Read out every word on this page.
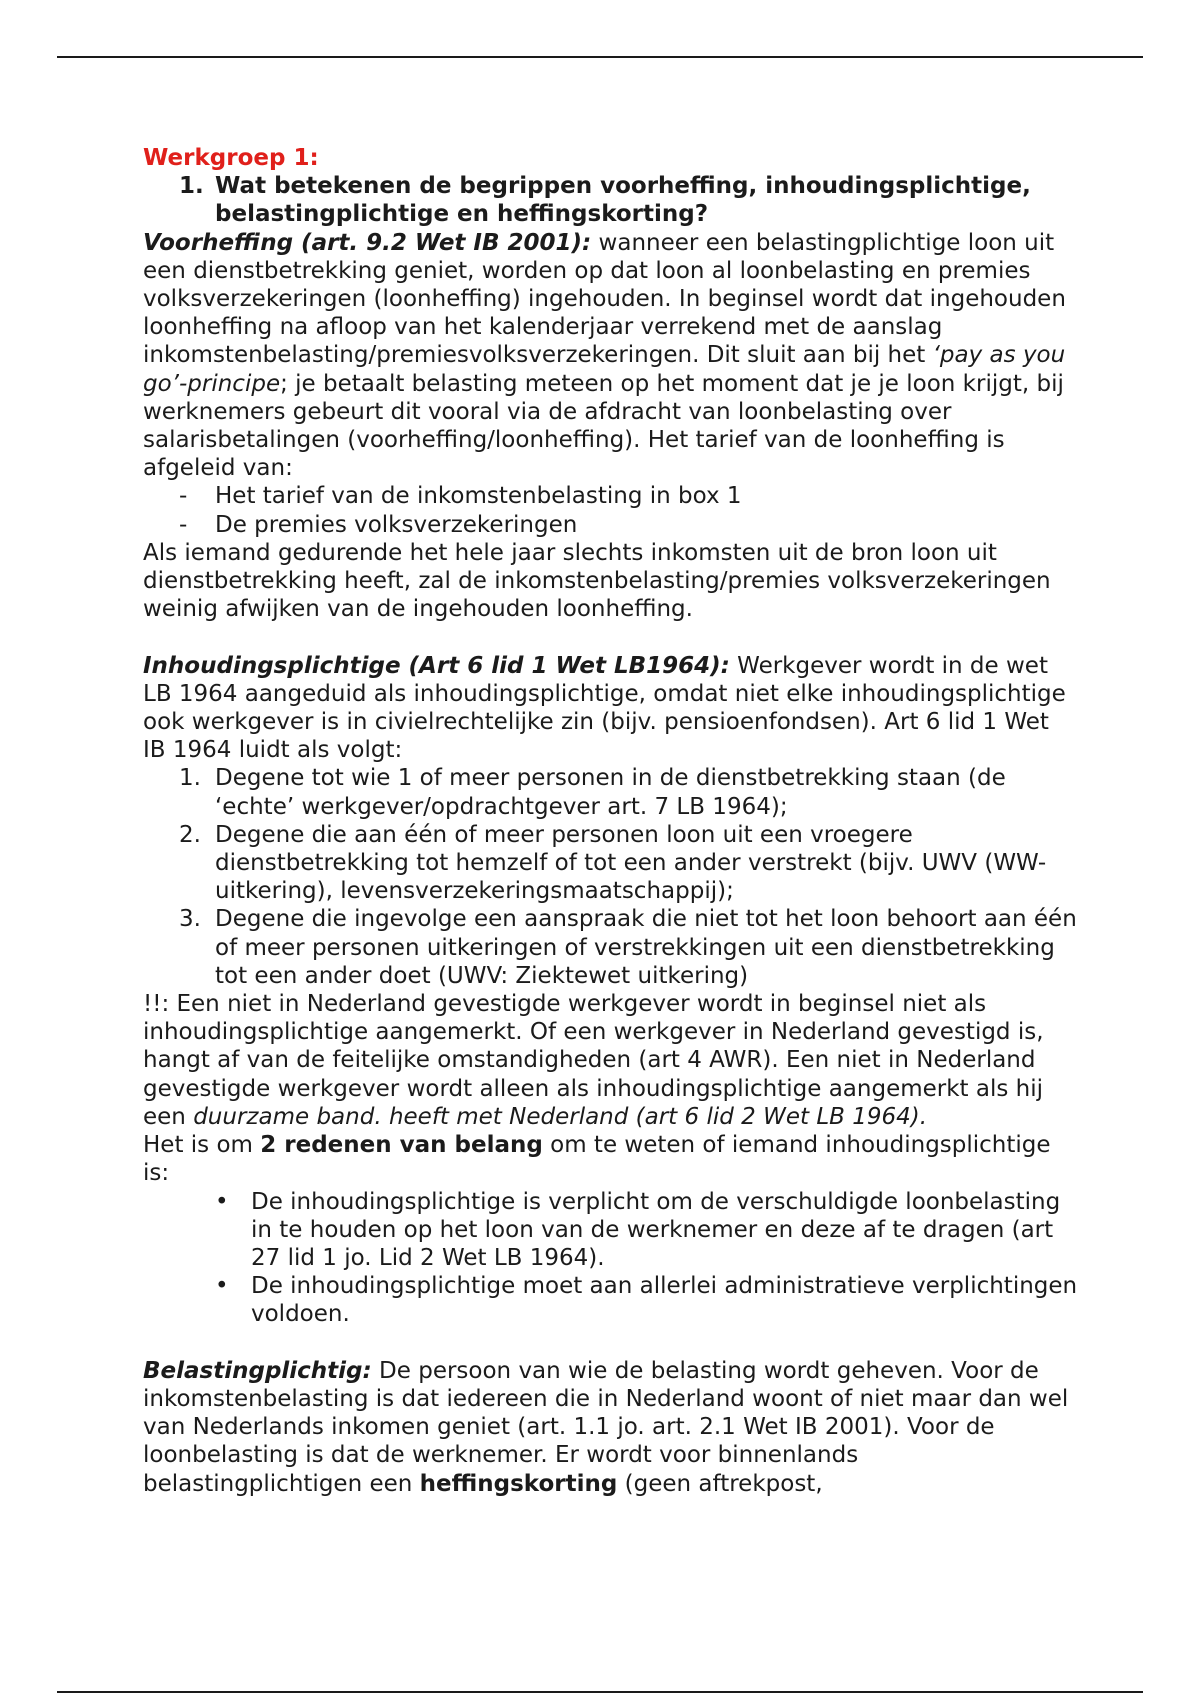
Werkgroep 1:

1. Wat betekenen de begrippen voorheffing, inhoudingsplichtige, belastingplichtige en heffingskorting?

Voorheffing (art. 9.2 Wet IB 2001): wanneer een belastingplichtige loon uit een dienstbetrekking geniet, worden op dat loon al loonbelasting en premies volksverzekeringen (loonheffing) ingehouden. In beginsel wordt dat ingehouden loonheffing na afloop van het kalenderjaar verrekend met de aanslag inkomstenbelasting/premiesvolksverzekeringen. Dit sluit aan bij het ‘pay as you go’-principe; je betaalt belasting meteen op het moment dat je je loon krijgt, bij werknemers gebeurt dit vooral via de afdracht van loonbelasting over salarisbetalingen (voorheffing/loonheffing). Het tarief van de loonheffing is afgeleid van:

-	Het tarief van de inkomstenbelasting in box 1
-	De premies volksverzekeringen

Als iemand gedurende het hele jaar slechts inkomsten uit de bron loon uit dienstbetrekking heeft, zal de inkomstenbelasting/premies volksverzekeringen weinig afwijken van de ingehouden loonheffing.

Inhoudingsplichtige (Art 6 lid 1 Wet LB1964): Werkgever wordt in de wet LB 1964 aangeduid als inhoudingsplichtige, omdat niet elke inhoudingsplichtige ook werkgever is in civielrechtelijke zin (bijv. pensioenfondsen). Art 6 lid 1 Wet IB 1964 luidt als volgt:

1. Degene tot wie 1 of meer personen in de dienstbetrekking staan (de ‘echte’ werkgever/opdrachtgever art. 7 LB 1964);
2. Degene die aan één of meer personen loon uit een vroegere dienstbetrekking tot hemzelf of tot een ander verstrekt (bijv. UWV (WW-uitkering), levensverzekeringsmaatschappij);
3. Degene die ingevolge een aanspraak die niet tot het loon behoort aan één of meer personen uitkeringen of verstrekkingen uit een dienstbetrekking tot een ander doet (UWV: Ziektewet uitkering)

!!: Een niet in Nederland gevestigde werkgever wordt in beginsel niet als inhoudingsplichtige aangemerkt. Of een werkgever in Nederland gevestigd is, hangt af van de feitelijke omstandigheden (art 4 AWR). Een niet in Nederland gevestigde werkgever wordt alleen als inhoudingsplichtige aangemerkt als hij een duurzame band. heeft met Nederland (art 6 lid 2 Wet LB 1964).

Het is om 2 redenen van belang om te weten of iemand inhoudingsplichtige is:

• De inhoudingsplichtige is verplicht om de verschuldigde loonbelasting in te houden op het loon van de werknemer en deze af te dragen (art 27 lid 1 jo. Lid 2 Wet LB 1964).
• De inhoudingsplichtige moet aan allerlei administratieve verplichtingen voldoen.

Belastingplichtig: De persoon van wie de belasting wordt geheven. Voor de inkomstenbelasting is dat iedereen die in Nederland woont of niet maar dan wel van Nederlands inkomen geniet (art. 1.1 jo. art. 2.1 Wet IB 2001). Voor de loonbelasting is dat de werknemer. Er wordt voor binnenlands belastingplichtigen een heffingskorting (geen aftrekpost,
